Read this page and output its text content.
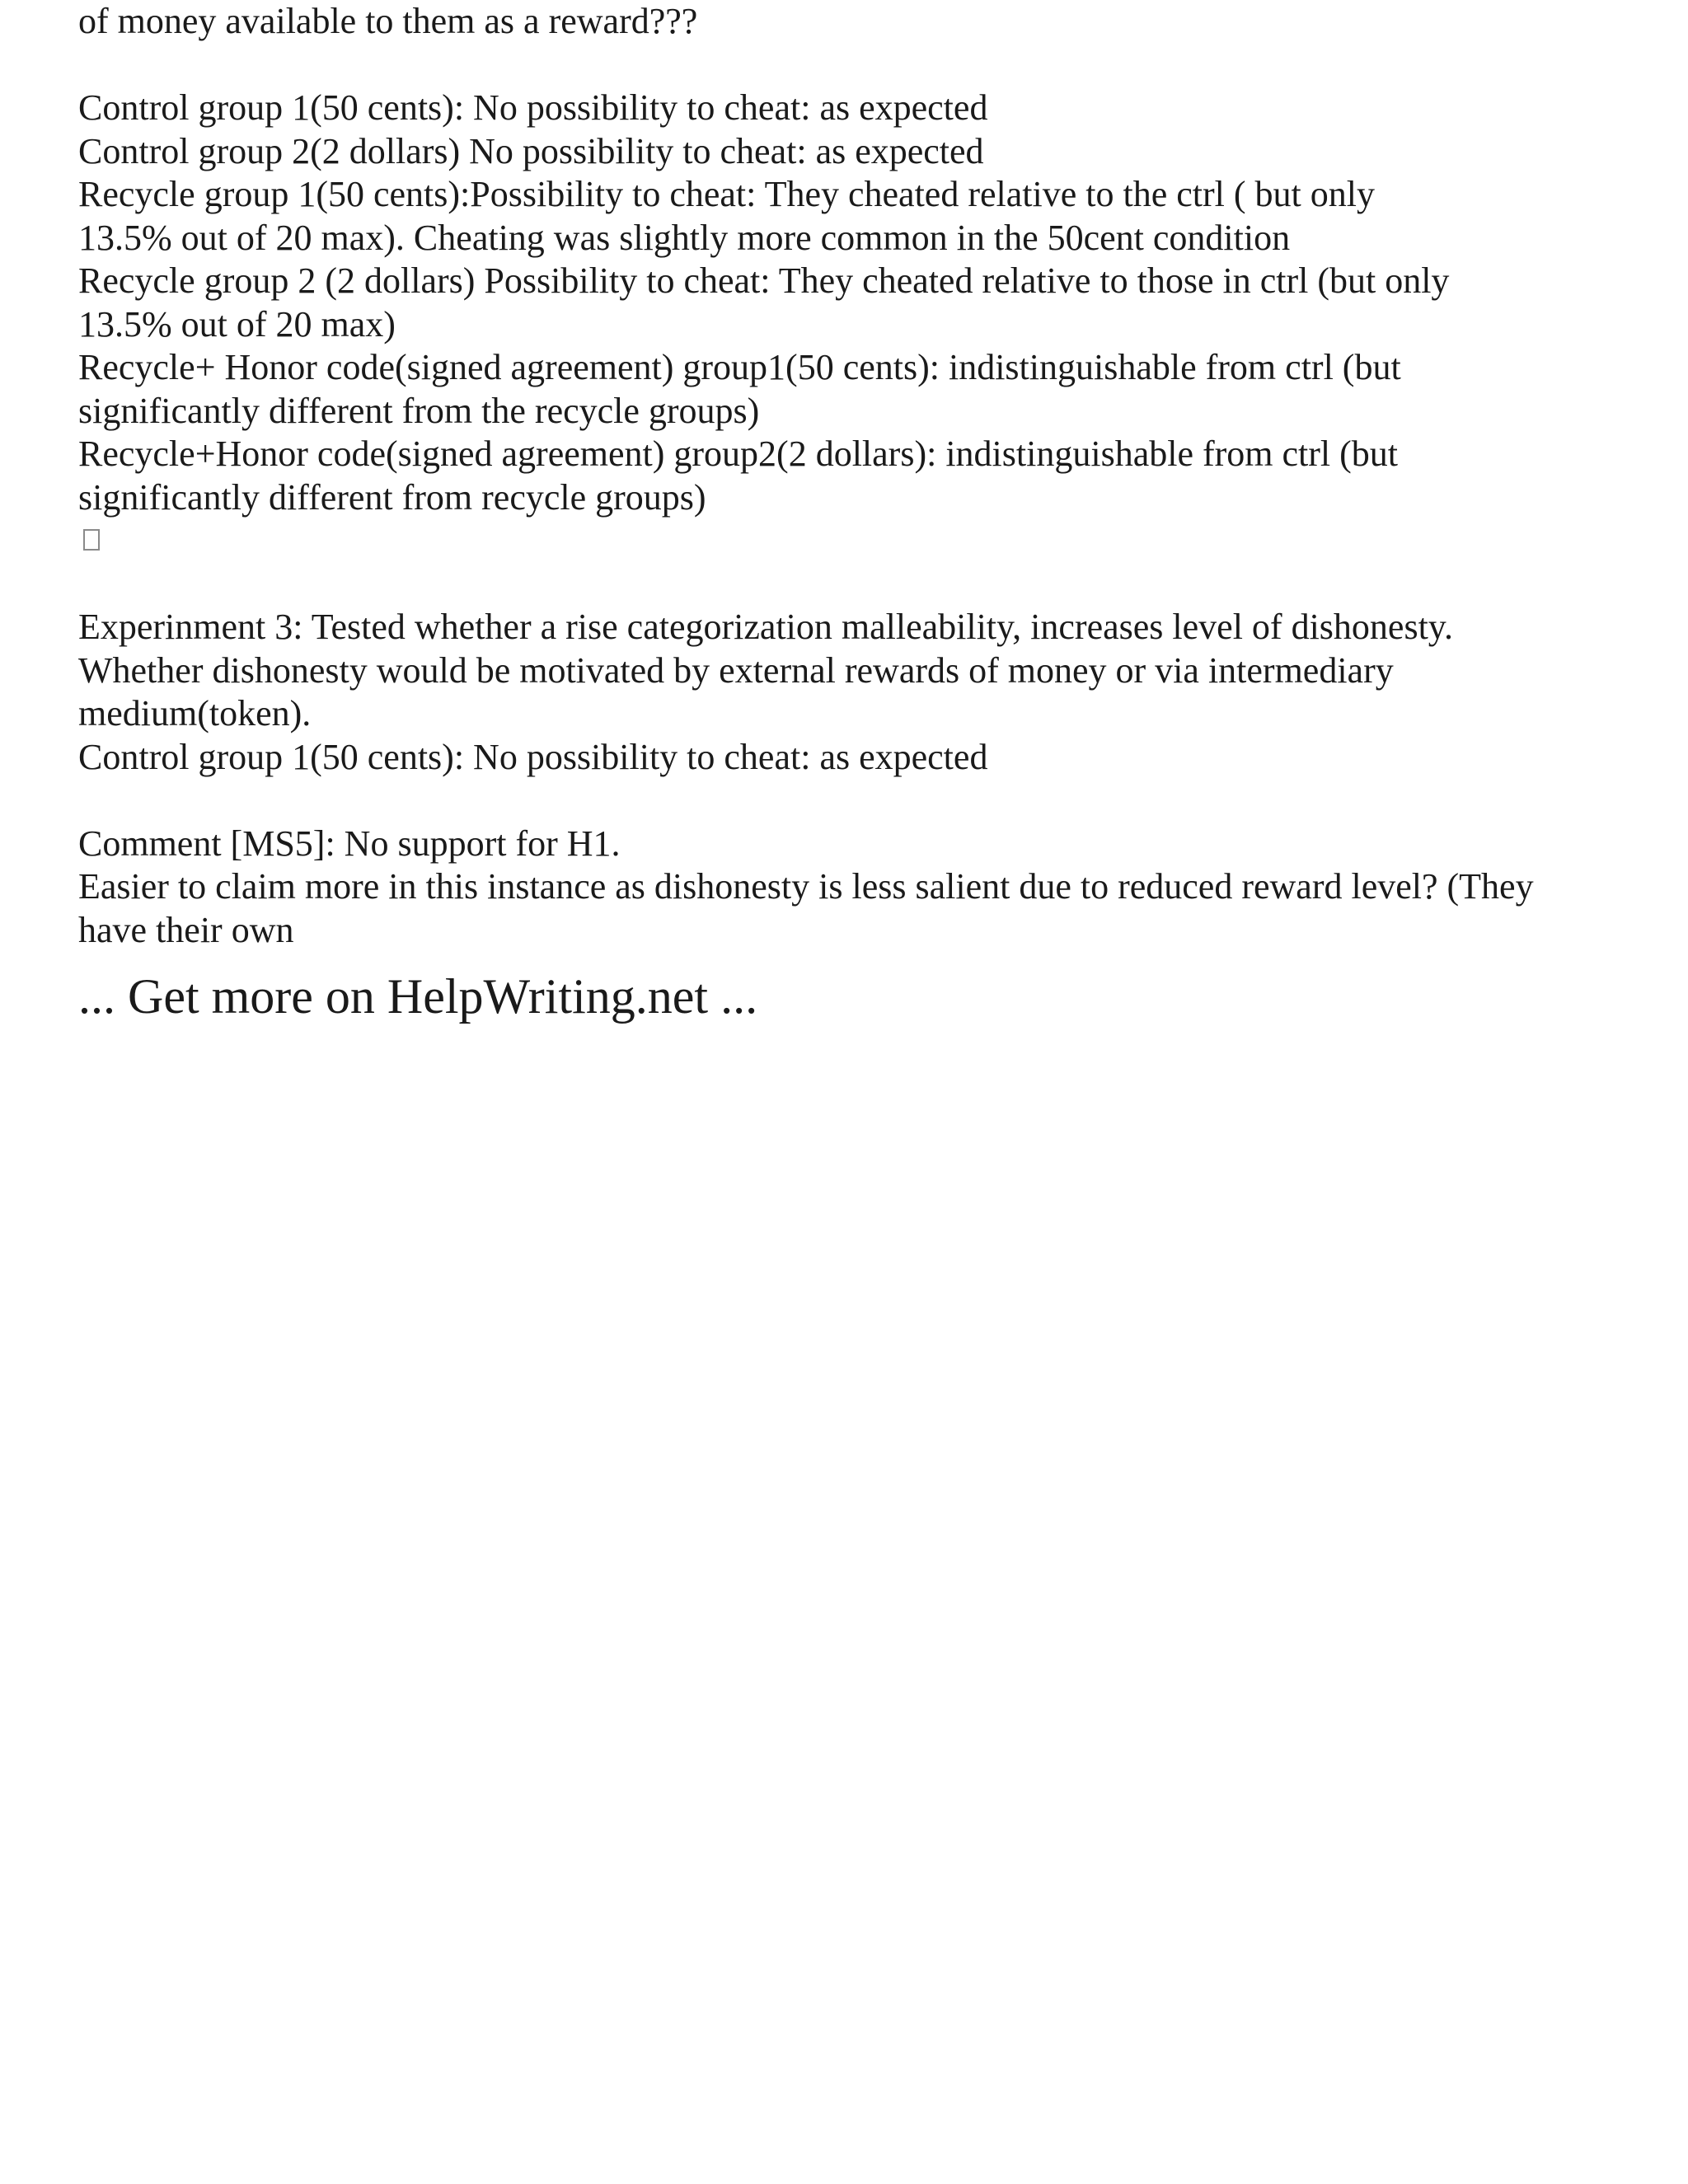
of money available to them as a reward???
Control group 1(50 cents): No possibility to cheat: as expected
Control group 2(2 dollars) No possibility to cheat: as expected
Recycle group 1(50 cents):Possibility to cheat: They cheated relative to the ctrl ( but only
13.5% out of 20 max). Cheating was slightly more common in the 50cent condition
Recycle group 2 (2 dollars) Possibility to cheat: They cheated relative to those in ctrl (but only
13.5% out of 20 max)
Recycle+ Honor code(signed agreement) group1(50 cents): indistinguishable from ctrl (but
significantly different from the recycle groups)
Recycle+Honor code(signed agreement) group2(2 dollars): indistinguishable from ctrl (but
significantly different from recycle groups)
Experinment 3: Tested whether a rise categorization malleability, increases level of dishonesty.
Whether dishonesty would be motivated by external rewards of money or via intermediary
medium(token).
Control group 1(50 cents): No possibility to cheat: as expected
Comment [MS5]: No support for H1.
Easier to claim more in this instance as dishonesty is less salient due to reduced reward level? (They
have their own
... Get more on HelpWriting.net ...
